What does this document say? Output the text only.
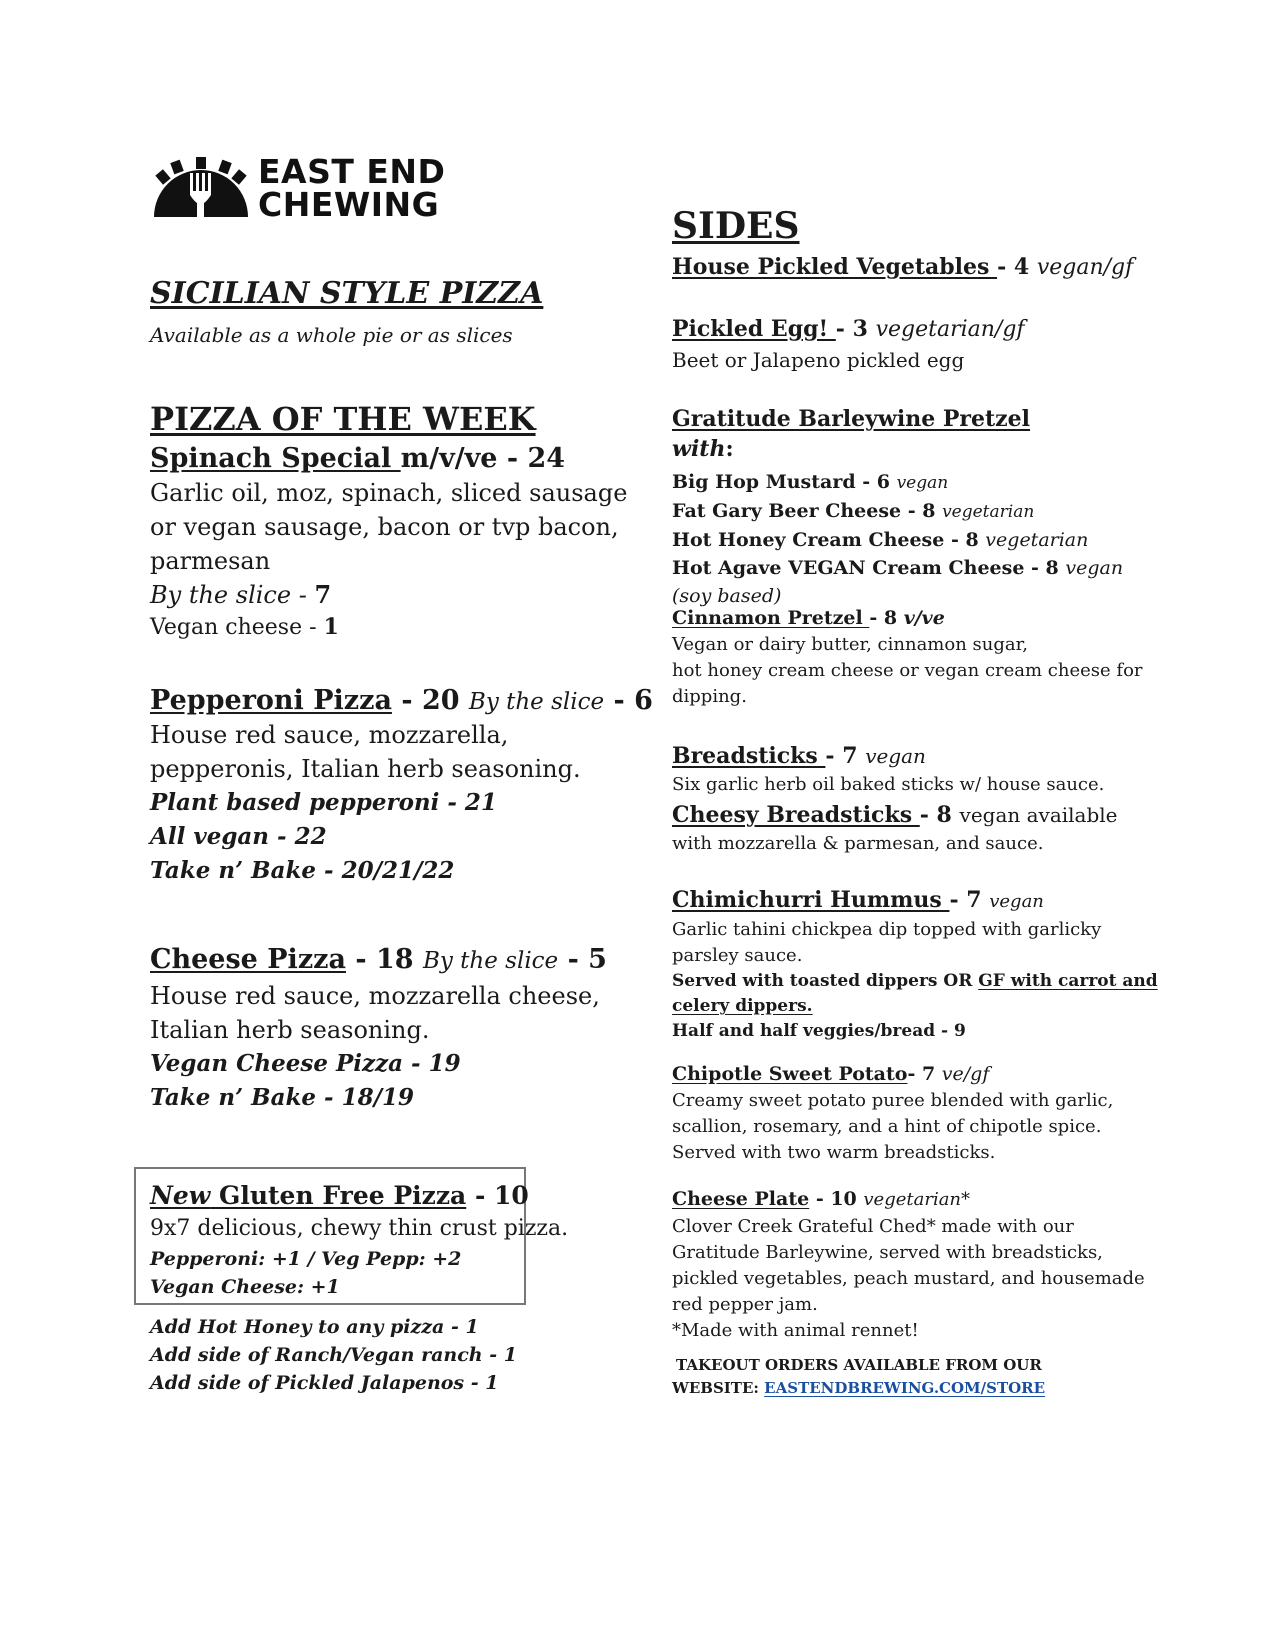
EAST END
CHEWING
SICILIAN STYLE PIZZA
Available as a whole pie or as slices
PIZZA OF THE WEEK
Spinach Special m/v/ve - 24
Garlic oil, moz, spinach, sliced sausage
or vegan sausage, bacon or tvp bacon,
parmesan
By the slice - 7
Vegan cheese - 1
Pepperoni Pizza - 20 By the slice - 6
House red sauce, mozzarella,
pepperonis, Italian herb seasoning.
Plant based pepperoni - 21
All vegan - 22
Take n’ Bake - 20/21/22
Cheese Pizza - 18 By the slice - 5
House red sauce, mozzarella cheese,
Italian herb seasoning.
Vegan Cheese Pizza - 19
Take n’ Bake - 18/19
Add Hot Honey to any pizza - 1
Add side of Ranch/Vegan ranch - 1
Add side of Pickled Jalapenos - 1
New Gluten Free Pizza - 10
9x7 delicious, chewy thin crust pizza.
Pepperoni: +1 / Veg Pepp: +2
Vegan Cheese: +1
SIDES
House Pickled Vegetables - 4 vegan/gf
Pickled Egg! - 3 vegetarian/gf
Beet or Jalapeno pickled egg
Gratitude Barleywine Pretzel
with:
Big Hop Mustard - 6 vegan
Fat Gary Beer Cheese - 8 vegetarian
Hot Honey Cream Cheese - 8 vegetarian
Hot Agave VEGAN Cream Cheese - 8 vegan
(soy based)
Cinnamon Pretzel - 8 v/ve
Vegan or dairy butter, cinnamon sugar,
hot honey cream cheese or vegan cream cheese for
dipping.
Breadsticks - 7 vegan
Six garlic herb oil baked sticks w/ house sauce.
Cheesy Breadsticks - 8 vegan available
with mozzarella & parmesan, and sauce.
Chimichurri Hummus - 7 vegan
Garlic tahini chickpea dip topped with garlicky
parsley sauce.
Served with toasted dippers OR GF with carrot and
celery dippers.
Half and half veggies/bread - 9
Chipotle Sweet Potato- 7 ve/gf
Creamy sweet potato puree blended with garlic,
scallion, rosemary, and a hint of chipotle spice.
Served with two warm breadsticks.
Cheese Plate - 10 vegetarian*
Clover Creek Grateful Ched* made with our
Gratitude Barleywine, served with breadsticks,
pickled vegetables, peach mustard, and housemade
red pepper jam.
*Made with animal rennet!
TAKEOUT ORDERS AVAILABLE FROM OUR
WEBSITE: EASTENDBREWING.COM/STORE
